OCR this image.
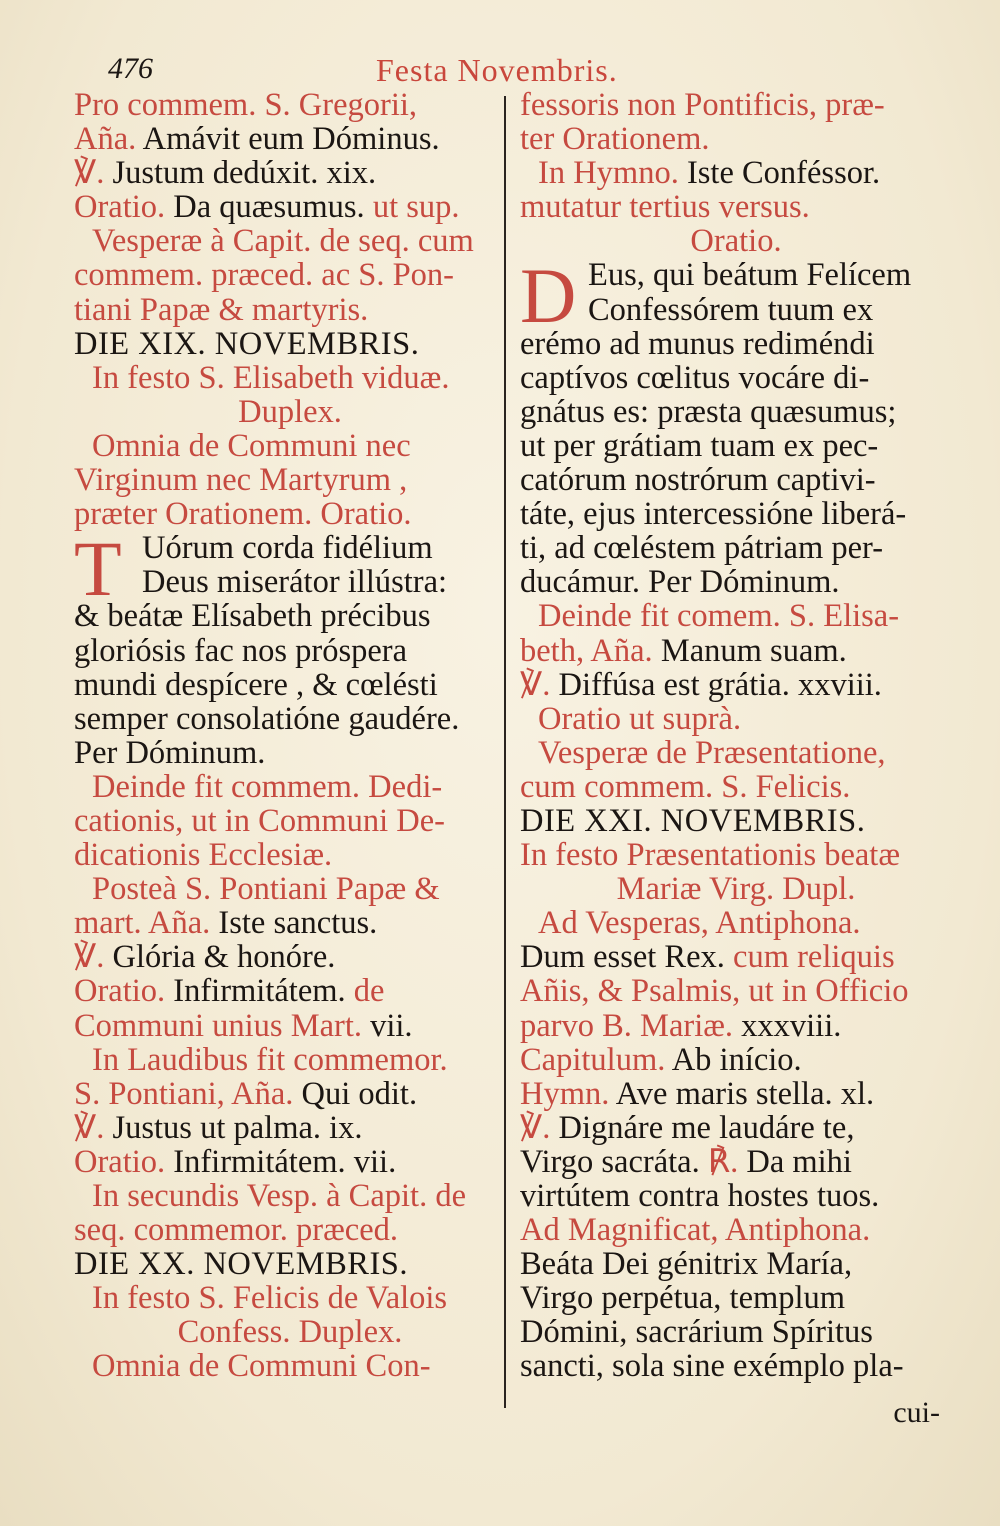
476	Festa Novembris.
Pro commem. S. Gregorii,
Aña. Amávit eum Dóminus.
℣. Justum dedúxit. xix.
Oratio. Da quæsumus. ut sup.
Vesperæ à Capit. de seq. cum
commem. præced. ac S. Pon-
tiani Papæ & martyris.
DIE XIX. NOVEMBRIS.
In festo S. Elisabeth viduæ.
Duplex.
Omnia de Communi nec
Virginum nec Martyrum ,
præter Orationem. Oratio.
T Uórum corda fidélium
Deus miserátor illústra:
& beátæ Elísabeth précibus
gloriósis fac nos próspera
mundi despícere , & cœlésti
semper consolatióne gaudére.
Per Dóminum.
Deinde fit commem. Dedi-
cationis, ut in Communi De-
dicationis Ecclesiæ.
Posteà S. Pontiani Papæ &
mart. Aña. Iste sanctus.
℣. Glória & honóre.
Oratio. Infirmitátem. de
Communi unius Mart. vii.
In Laudibus fit commemor.
S. Pontiani, Aña. Qui odit.
℣. Justus ut palma. ix.
Oratio. Infirmitátem. vii.
In secundis Vesp. à Capit. de
seq. commemor. præced.
DIE XX. NOVEMBRIS.
In festo S. Felicis de Valois
Confess. Duplex.
Omnia de Communi Con-
fessoris non Pontificis, præ-
ter Orationem.
In Hymno. Iste Conféssor.
mutatur tertius versus.
Oratio.
D Eus, qui beátum Felícem
Confessórem tuum ex
erémo ad munus rediméndi
captívos cœlitus vocáre di-
gnátus es: præsta quæsumus;
ut per grátiam tuam ex pec-
catórum nostrórum captivi-
táte, ejus intercessióne liberá-
ti, ad cœléstem pátriam per-
ducámur. Per Dóminum.
Deinde fit comem. S. Elisa-
beth, Aña. Manum suam.
℣. Diffúsa est grátia. xxviii.
Oratio ut suprà.
Vesperæ de Præsentatione,
cum commem. S. Felicis.
DIE XXI. NOVEMBRIS.
In festo Præsentationis beatæ
Mariæ Virg. Dupl.
Ad Vesperas, Antiphona.
Dum esset Rex. cum reliquis
Añis, & Psalmis, ut in Officio
parvo B. Mariæ. xxxviii.
Capitulum. Ab início.
Hymn. Ave maris stella. xl.
℣. Dignáre me laudáre te,
Virgo sacráta. ℟. Da mihi
virtútem contra hostes tuos.
Ad Magnificat, Antiphona.
Beáta Dei génitrix María,
Virgo perpétua, templum
Dómini, sacrárium Spíritus
sancti, sola sine exémplo pla-
cui-
